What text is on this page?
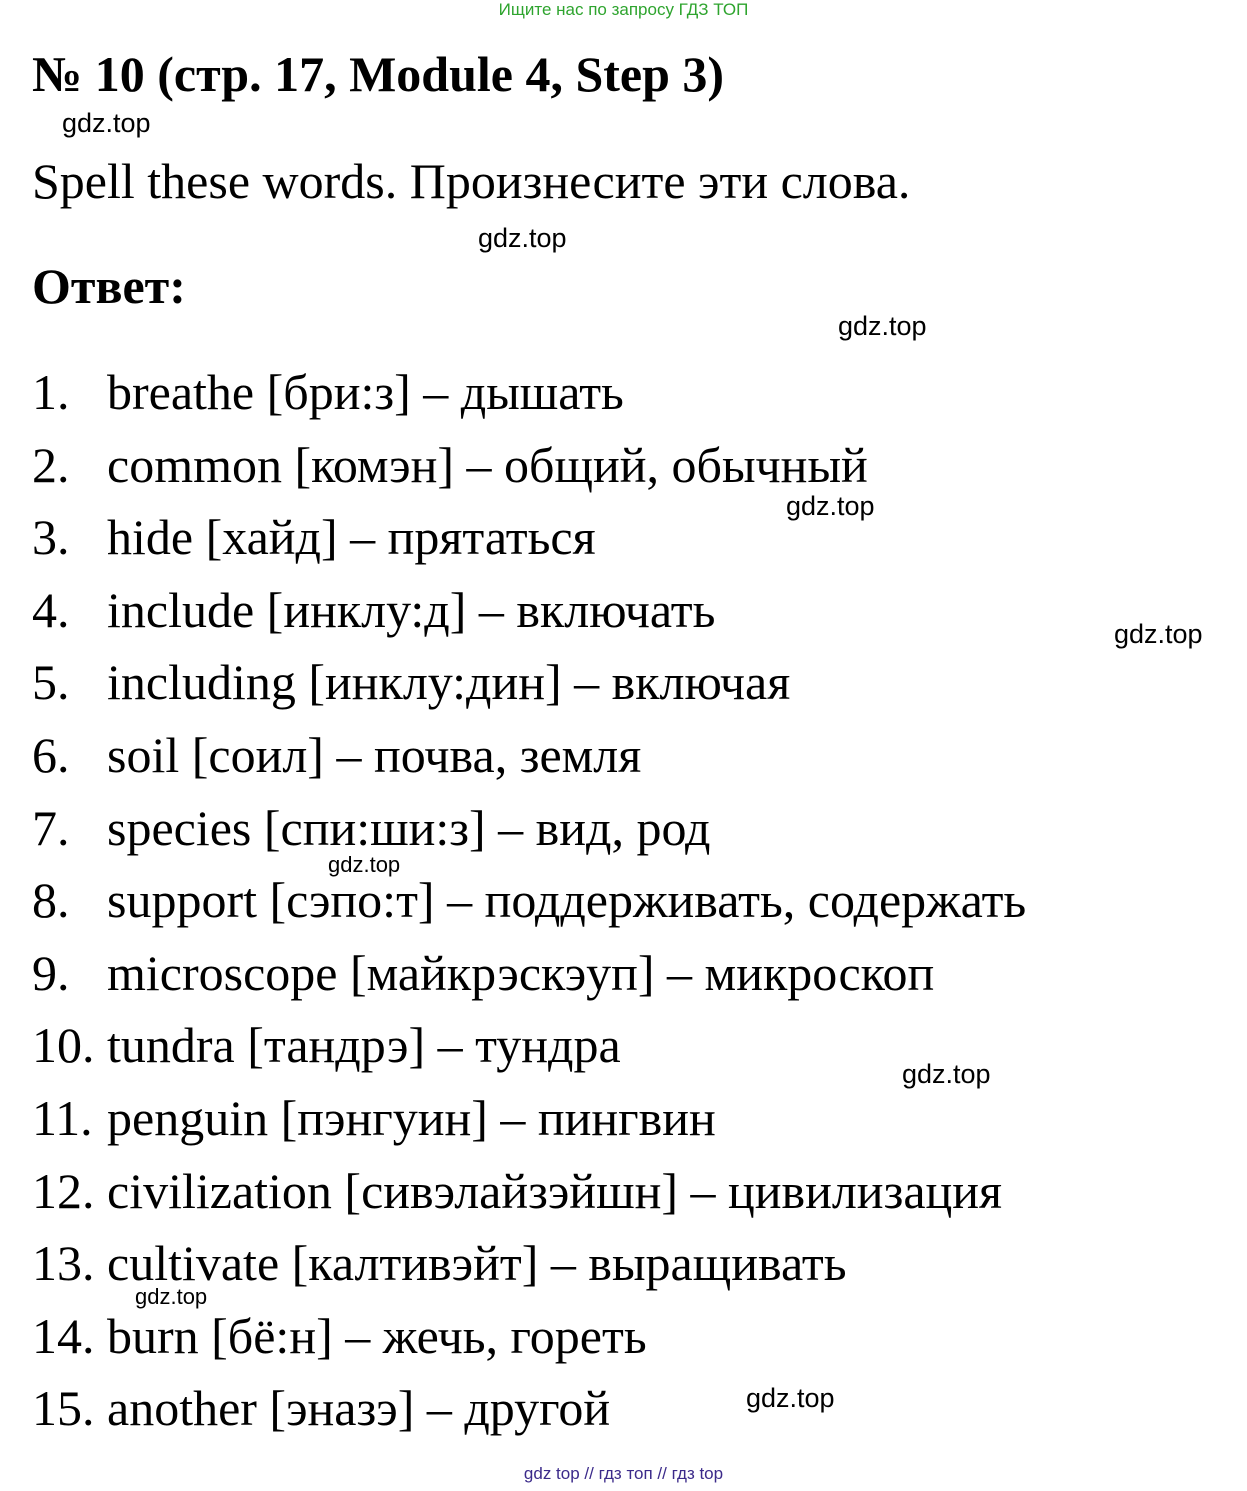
Ищите нас по запросу ГДЗ ТОП
№ 10 (стр. 17, Module 4, Step 3)
gdz.top
Spell these words. Произнесите эти слова.
gdz.top
Ответ:
gdz.top
1. breathe [бри:з] – дышать
2. common [комэн] – общий, обычный
3. hide [хайд] – прятаться
4. include [инклу:д] – включать
5. including [инклу:дин] – включая
6. soil [соил] – почва, земля
7. species [спи:ши:з] – вид, род
8. support [сэпо:т] – поддерживать, содержать
9. microscope [майкрэскэуп] – микроскоп
10. tundra [тандрэ] – тундра
11. penguin [пэнгуин] – пингвин
12. civilization [сивэлайзэйшн] – цивилизация
13. cultivate [калтивэйт] – выращивать
14. burn [бё:н] – жечь, гореть
15. another [эназэ] – другой
gdz.top
gdz.top
gdz.top
gdz.top
gdz.top
gdz.top
gdz top // гдз топ // гдз top
